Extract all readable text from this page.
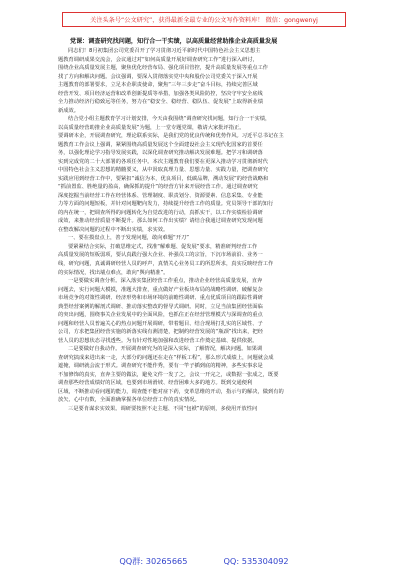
关注头条号“公文研究”，获得最新全最专业的公文写作资料库！ 微信：gongwenyj
党课：调查研究找问题，知行合一干实绩，以高质量经营助推企业高质量发展
同志们！8月初集团公司党委召开了学习贯彻习近平新时代中国特色社会主义思想主
题教育调研成果交流会，会议通过对“如何高质量开展好调查研究工作”进行深入研讨，
围绕企业高质量发展主题，聚焦优化经营布局、强化项目管控，提升高质量发展等重点工作
找了方向和解决问题。会议强调，要深入贯彻落实党中央和股份公司党委关于深入开展
主题教育的部署要求，立足本企职责使命，聚焦“三年三步走”奋斗目标，持续完善区域
经营开发、项目经济运营和改革创新提质等举措，加强各类风险防控，坚决守牢安全底线
全力推动经济行稳致远等任务，努力在“稳安全、稳经营、稳队伍、促发展”上取得新业绩
新成效。
结合党小组主题教育学习计划安排，今天由我围绕“调查研究找问题，知行合一干实绩，
以高质量经营助推企业高质量发展”为题，上一堂专题党课，敬请大家批评指正。
要调研本企，开展调查研究，理论联系实际，是我们党的优良传统和优势作风。习近平总书记在主
题教育工作会议上强调，紧紧围绕高质量发展这个全面建设社会主义现代化国家的首要任
务，以强化理论学习指导发展实践，以深化调查研究推动解决发展难题。把学习和调研落
实到完成党的二十大部署的各项任务中。本次主题教育我们要在更深入推动学习贯彻新时代
中国特色社会主义思想的精髓要义，从中汲取真理力量、思想力量、实践力量，把调查研究
实践应用到经营工作中，要紧扣“诚信为本，优良项目，低碳品牌，溯动发展”的经营战略和
“抓前置监、胜绝量的盈高，确保抓的提升”的经营方针来开展经营工作。通过调查研究
深度挖掘当前经营工作在经营体系、管理制度、职责划分、资源要素、信息采集、专业能
力等方面的问题短板，并针对问题靶向发力，持续提升经营工作的质量。党员领导干部的知行
的内在统一，把调查所得的问题转化为自觉改进的行动，真抓实干，以工作实绩检验调研
成效，来推动经营质量不断提升。那么如何工作出实绩？请结合我通过调查研究发现问题
在整改解决问题的过程中不断出实绩，求实效。
一、要在摸盘点上，善于发现问题，敢向难题“开刀”
要紧紧结合实际，打破思维定式，找准“解难题、促发展”要求，精准研判经营工作
高质量发展的短板弱项，要认真践行强大企业、补强员工的宗旨，下沉市场前沿、业务一
线，研究问题，真诚调研经营人员的呼声，真情关心业务员工的所思所求，真实反映经营工作
的实际情况，找出墙点难点，敢向“舆向精准”。
一是要做实调查分析。深入落实集团经营工作重点，推动企业经营高质量发展，直奔
问题去，实行问题大模摸，准题大排查，重点做好产业板块布局的战略性调研、破解复杂
市场竞争的对策性调研、经济形势和市场环境的前瞻性调研、重点优质项目的跟踪性调研
典型经营案例的解剖式调研、推动落实整改的督导式调研。同时，立足当前集团经营面临
的突出问题，围绕事关企业发展中的全面风险，也抓住正在经营管理模式与深调查的重点
问题和经营人员普遍关心的热点问题开展调研，带着题目、结合现场打扎实的区域性、子
公司，方求把集团经营实施的新落实线有测清楚，把制约经营发展的“瓶颈”找出来，把经
营人员的思想状态寻找透些。为有针对性地加强和改进经营工作奠定基础、提供依据。
二是要做好自我动作。开展调查研究为的是深入实际，了解情况，解决问题。如果调
查研究搞成来进出来一走，大部分的问题还在走在“样板工程”，那么形式成绩上，问题就会成
遮掩，调研就会流于形式。调查研究不能作秀，要有一竿子插到底的精神，多些实事求是
不加修饰的真实，直奔主要的做法，避免文件一发了之，会议一开完之，或数据一张成之，既要
调查那些经营成绩好的区域，也要到市场滑坡、经营困难大多的地方。既到交通便利
区域，不断推动看问题的能力，调查能不能对症下药，变革思维的开动，指示与的解决，做到有的
放矢、心中有数，全面准确掌握各单位经营工作的真实情况。
三是要肯谋求实效果。调研要按照不走主题、不同“包袱”的原则，多使用开放性问
QQ群: 30265665	QQ: 535304092
